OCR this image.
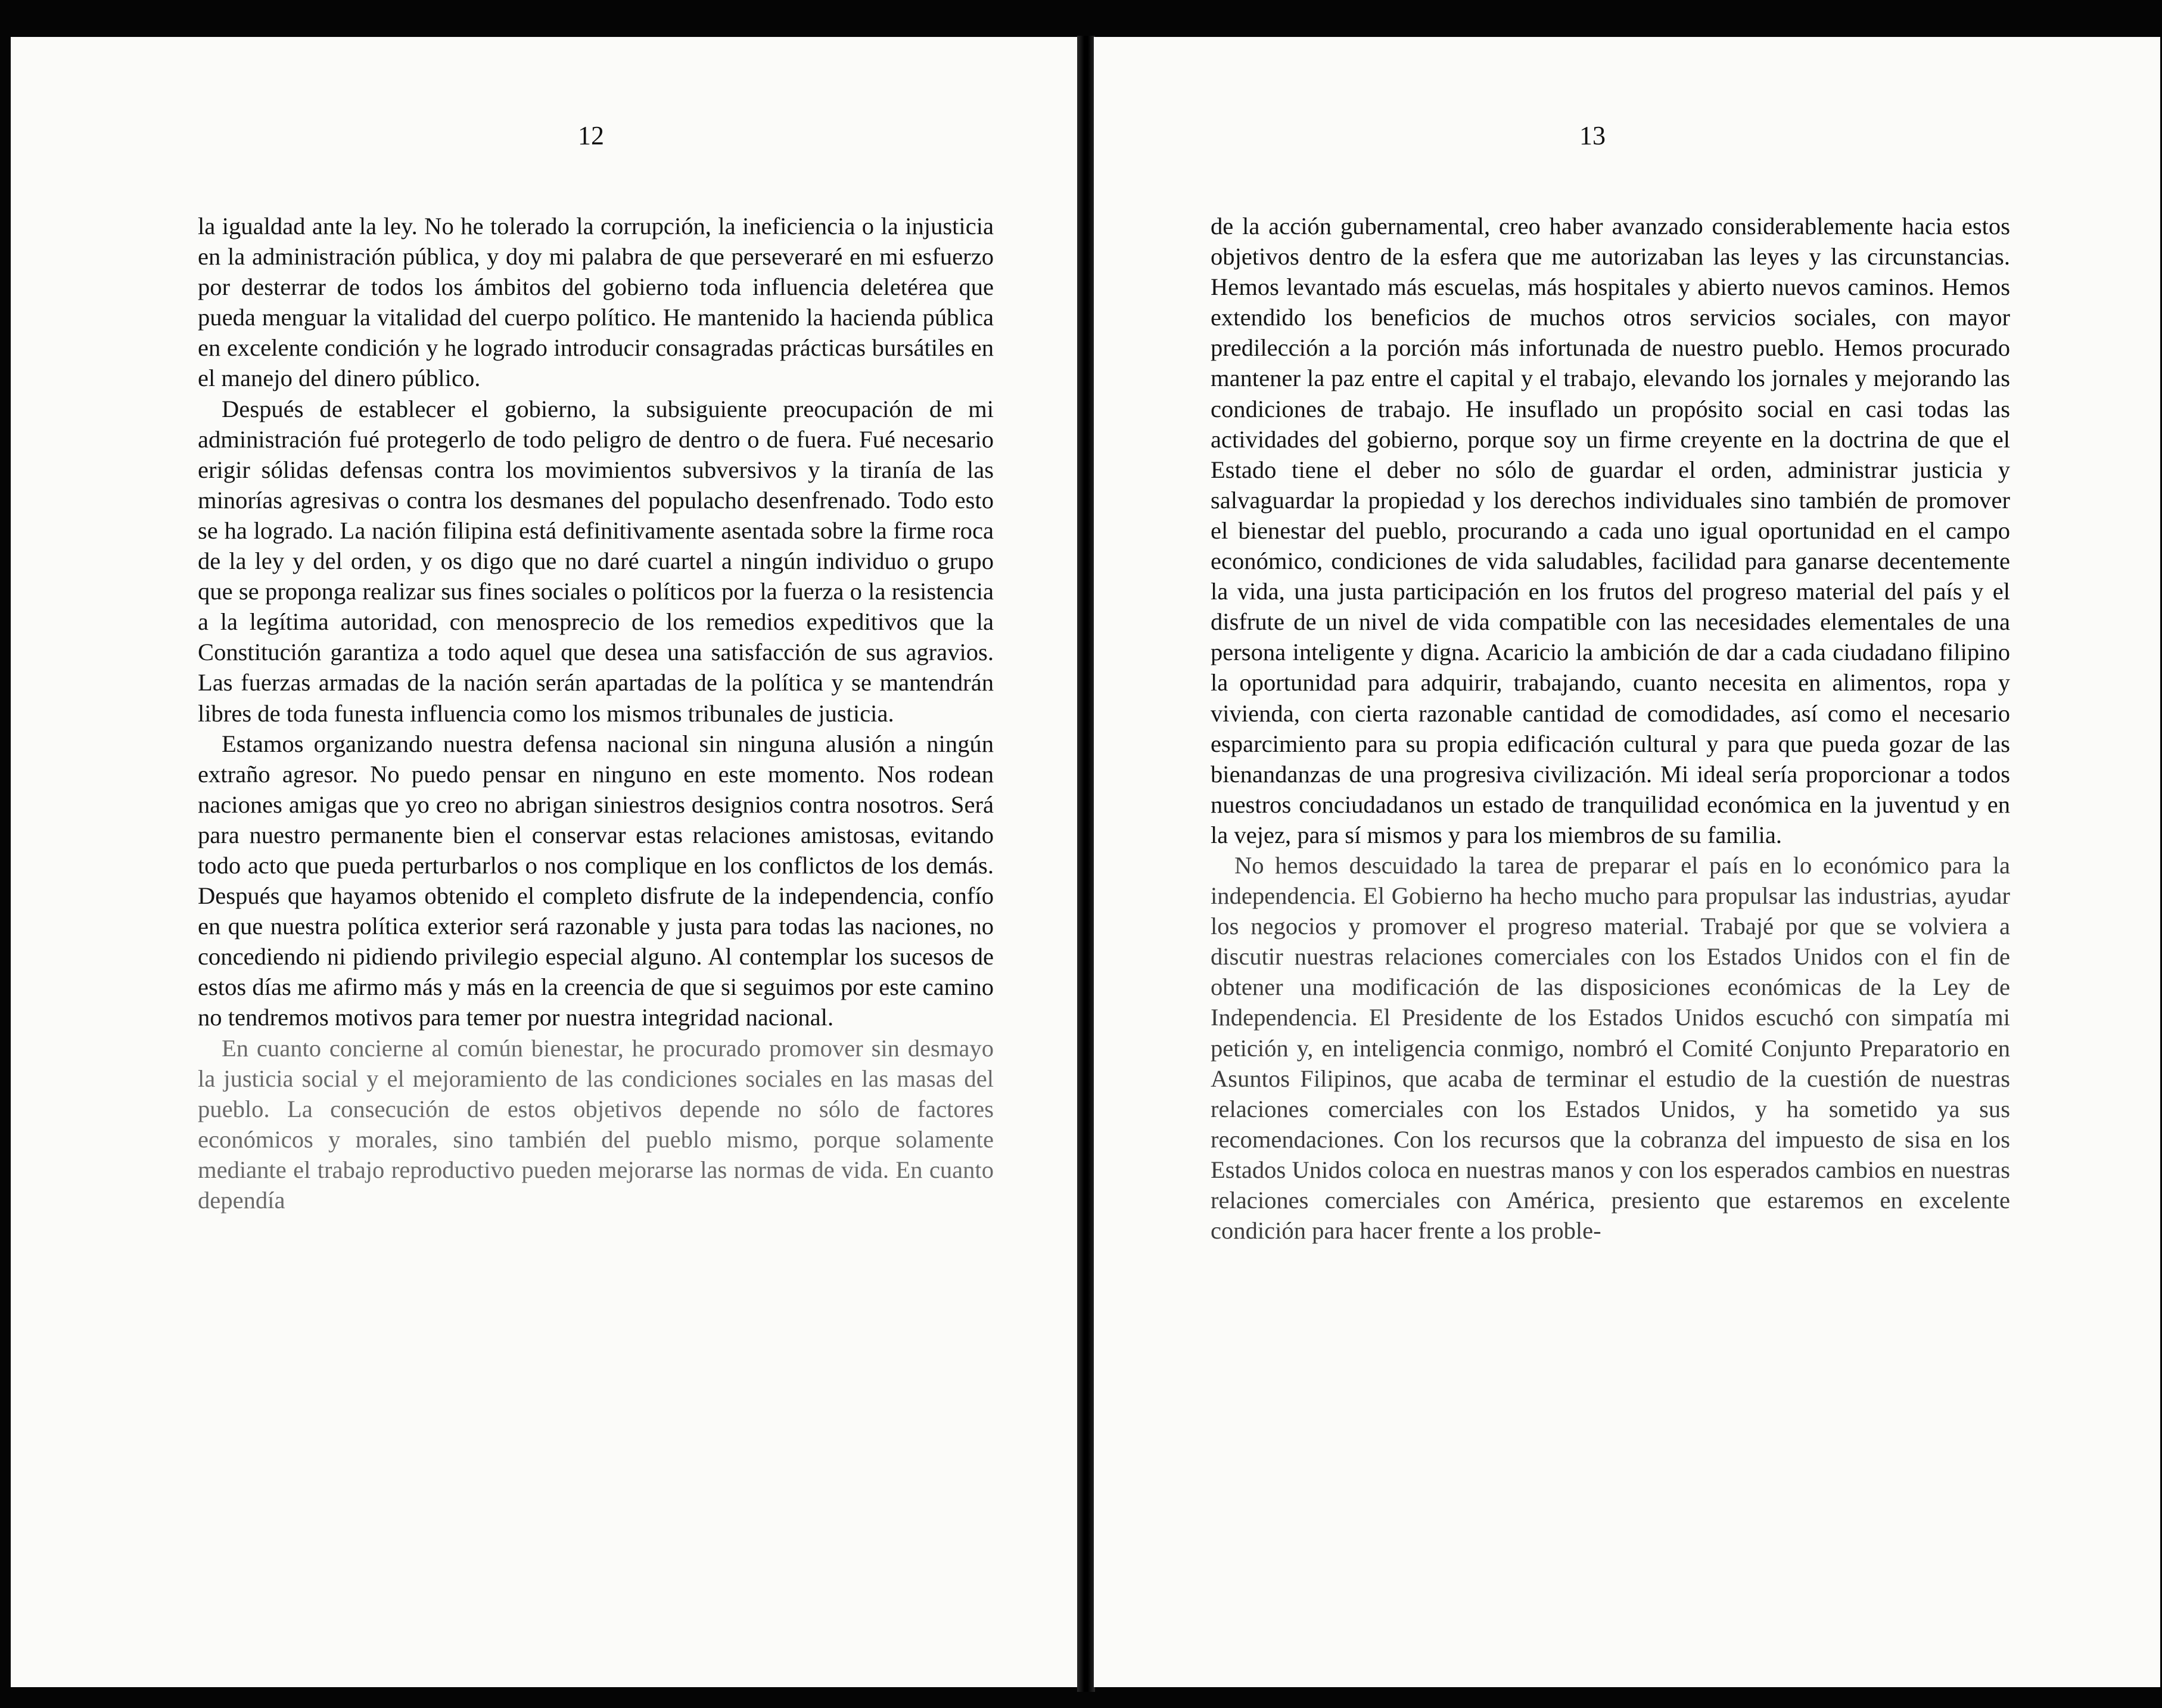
12

la igualdad ante la ley. No he tolerado la corrupción, la ineficiencia o la injusticia en la administración pública, y doy mi palabra de que perseveraré en mi esfuerzo por desterrar de todos los ámbitos del gobierno toda influencia deletérea que pueda menguar la vitalidad del cuerpo político. He mantenido la hacienda pública en excelente condición y he logrado introducir consagradas prácticas bursátiles en el manejo del dinero público.

Después de establecer el gobierno, la subsiguiente preocupación de mi administración fué protegerlo de todo peligro de dentro o de fuera. Fué necesario erigir sólidas defensas contra los movimientos subversivos y la tiranía de las minorías agresivas o contra los desmanes del populacho desenfrenado. Todo esto se ha logrado. La nación filipina está definitivamente asentada sobre la firme roca de la ley y del orden, y os digo que no daré cuartel a ningún individuo o grupo que se proponga realizar sus fines sociales o políticos por la fuerza o la resistencia a la legítima autoridad, con menosprecio de los remedios expeditivos que la Constitución garantiza a todo aquel que desea una satisfacción de sus agravios. Las fuerzas armadas de la nación serán apartadas de la política y se mantendrán libres de toda funesta influencia como los mismos tribunales de justicia.

Estamos organizando nuestra defensa nacional sin ninguna alusión a ningún extraño agresor. No puedo pensar en ninguno en este momento. Nos rodean naciones amigas que yo creo no abrigan siniestros designios contra nosotros. Será para nuestro permanente bien el conservar estas relaciones amistosas, evitando todo acto que pueda perturbarlos o nos complique en los conflictos de los demás. Después que hayamos obtenido el completo disfrute de la independencia, confío en que nuestra política exterior será razonable y justa para todas las naciones, no concediendo ni pidiendo privilegio especial alguno. Al contemplar los sucesos de estos días me afirmo más y más en la creencia de que si seguimos por este camino no tendremos motivos para temer por nuestra integridad nacional.

En cuanto concierne al común bienestar, he procurado promover sin desmayo la justicia social y el mejoramiento de las condiciones sociales en las masas del pueblo. La consecución de estos objetivos depende no sólo de factores económicos y morales, sino también del pueblo mismo, porque solamente mediante el trabajo reproductivo pueden mejorarse las normas de vida. En cuanto dependía

13

de la acción gubernamental, creo haber avanzado considerablemente hacia estos objetivos dentro de la esfera que me autorizaban las leyes y las circunstancias. Hemos levantado más escuelas, más hospitales y abierto nuevos caminos. Hemos extendido los beneficios de muchos otros servicios sociales, con mayor predilección a la porción más infortunada de nuestro pueblo. Hemos procurado mantener la paz entre el capital y el trabajo, elevando los jornales y mejorando las condiciones de trabajo. He insuflado un propósito social en casi todas las actividades del gobierno, porque soy un firme creyente en la doctrina de que el Estado tiene el deber no sólo de guardar el orden, administrar justicia y salvaguardar la propiedad y los derechos individuales sino también de promover el bienestar del pueblo, procurando a cada uno igual oportunidad en el campo económico, condiciones de vida saludables, facilidad para ganarse decentemente la vida, una justa participación en los frutos del progreso material del país y el disfrute de un nivel de vida compatible con las necesidades elementales de una persona inteligente y digna. Acaricio la ambición de dar a cada ciudadano filipino la oportunidad para adquirir, trabajando, cuanto necesita en alimentos, ropa y vivienda, con cierta razonable cantidad de comodidades, así como el necesario esparcimiento para su propia edificación cultural y para que pueda gozar de las bienandanzas de una progresiva civilización. Mi ideal sería proporcionar a todos nuestros conciudadanos un estado de tranquilidad económica en la juventud y en la vejez, para sí mismos y para los miembros de su familia.

No hemos descuidado la tarea de preparar el país en lo económico para la independencia. El Gobierno ha hecho mucho para propulsar las industrias, ayudar los negocios y promover el progreso material. Trabajé por que se volviera a discutir nuestras relaciones comerciales con los Estados Unidos con el fin de obtener una modificación de las disposiciones económicas de la Ley de Independencia. El Presidente de los Estados Unidos escuchó con simpatía mi petición y, en inteligencia conmigo, nombró el Comité Conjunto Preparatorio en Asuntos Filipinos, que acaba de terminar el estudio de la cuestión de nuestras relaciones comerciales con los Estados Unidos, y ha sometido ya sus recomendaciones. Con los recursos que la cobranza del impuesto de sisa en los Estados Unidos coloca en nuestras manos y con los esperados cambios en nuestras relaciones comerciales con América, presiento que estaremos en excelente condición para hacer frente a los proble-
